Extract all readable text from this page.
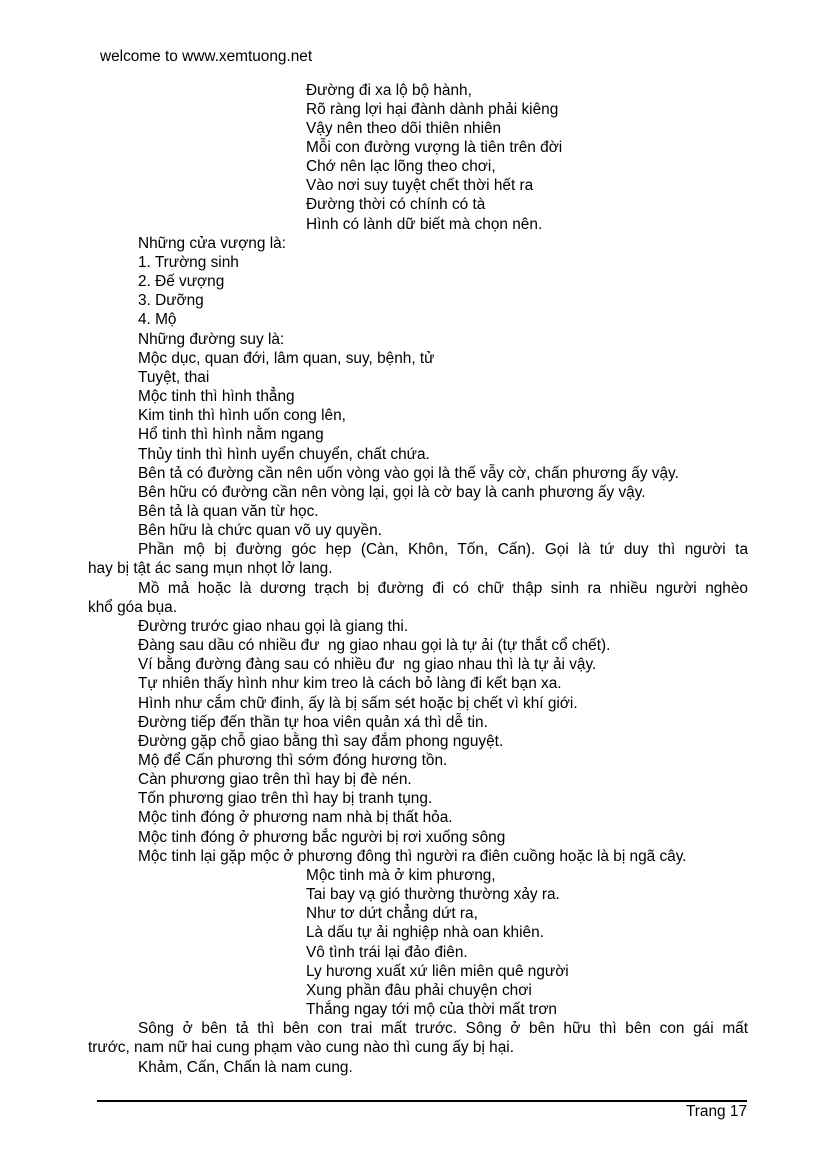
welcome to www.xemtuong.net
Đường đi xa lộ bộ hành,
Rõ ràng lợi hại đành dành phải kiêng
Vậy nên theo dõi thiên nhiên
Mỗi con đường vượng là tiên trên đời
Chớ nên lạc lõng theo chơi,
Vào nơi suy tuyệt chết thời hết ra
Đường thời có chính có tà
Hình có lành dữ biết mà chọn nên.
Những cửa vượng là:
1. Trường sinh
2. Đế vượng
3. Dưỡng
4. Mộ
Những đường suy là:
Mộc dục, quan đới, lâm quan, suy, bệnh, tử
Tuyệt, thai
Mộc tinh thì hình thẳng
Kim tinh thì hình uốn cong lên,
Hổ tinh thì hình nằm ngang
Thủy tinh thì hình uyển chuyển, chất chứa.
Bên tả có đường cần nên uốn vòng vào gọi là thế vẫy cờ, chấn phương ấy vậy.
Bên hữu có đường cần nên vòng lại, gọi là cờ bay là canh phương ấy vậy.
Bên tả là quan văn từ học.
Bên hữu là chức quan võ uy quyền.
Phần mộ bị đường góc hẹp (Càn, Khôn, Tốn, Cấn). Gọi là tứ duy thì người ta
hay bị tật ác sang mụn nhọt lở lang.
Mồ mả hoặc là dương trạch bị đường đi có chữ thập sinh ra nhiều người nghèo
khổ góa bụa.
Đường trước giao nhau gọi là giang thi.
Đàng sau dầu có nhiều đư  ng giao nhau gọi là tự ải (tự thắt cổ chết).
Ví bằng đường đàng sau có nhiều đư  ng giao nhau thì là tự ải vậy.
Tự nhiên thấy hình như kim treo là cách bỏ làng đi kết bạn xa.
Hình như cắm chữ đinh, ấy là bị sấm sét hoặc bị chết vì khí giới.
Đường tiếp đến thần tự hoa viên quản xá thì dễ tin.
Đường gặp chỗ giao bằng thì say đắm phong nguyệt.
Mộ để Cấn phương thì sớm đóng hương tồn.
Càn phương giao trên thì hay bị đè nén.
Tốn phương giao trên thì hay bị tranh tụng.
Mộc tinh đóng ở phương nam nhà bị thất hỏa.
Mộc tinh đóng ở phương bắc người bị rơi xuống sông
Mộc tinh lại gặp mộc ở phương đông thì người ra điên cuồng hoặc là bị ngã cây.
Mộc tinh mà ở kim phương,
Tai bay vạ gió thường thường xảy ra.
Như tơ dứt chẳng dứt ra,
Là dấu tự ải nghiệp nhà oan khiên.
Vô tình trái lại đảo điên.
Ly hương xuất xứ liên miên quê người
Xung phần đâu phải chuyện chơi
Thắng ngay tới mộ của thời mất trơn
Sông ở bên tả thì bên con trai mất trước. Sông ở bên hữu thì bên con gái mất
trước, nam nữ hai cung phạm vào cung nào thì cung ấy bị hại.
Khảm, Cấn, Chấn là nam cung.
Trang 17
